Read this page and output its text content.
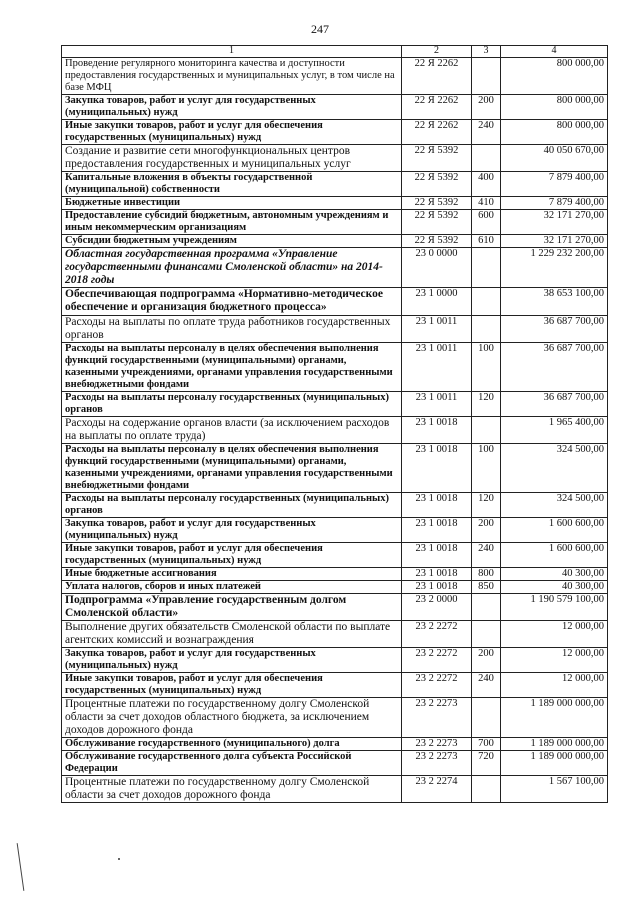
247
1	2	3	4
Проведение регулярного мониторинга качества и доступности предоставления государственных и муниципальных услуг, в том числе на базе МФЦ	22 Я 2262		800 000,00
Закупка товаров, работ и услуг для государственных (муниципальных) нужд	22 Я 2262	200	800 000,00
Иные закупки товаров, работ и услуг для обеспечения государственных (муниципальных) нужд	22 Я 2262	240	800 000,00
Создание и развитие сети многофункциональных центров предоставления государственных и муниципальных услуг	22 Я 5392		40 050 670,00
Капитальные вложения в объекты государственной (муниципальной) собственности	22 Я 5392	400	7 879 400,00
Бюджетные инвестиции	22 Я 5392	410	7 879 400,00
Предоставление субсидий бюджетным, автономным учреждениям и иным некоммерческим организациям	22 Я 5392	600	32 171 270,00
Субсидии бюджетным учреждениям	22 Я 5392	610	32 171 270,00
Областная государственная программа «Управление государственными финансами Смоленской области» на 2014-2018 годы	23 0 0000		1 229 232 200,00
Обеспечивающая подпрограмма «Нормативно-методическое обеспечение и организация бюджетного процесса»	23 1 0000		38 653 100,00
Расходы на выплаты по оплате труда работников государственных органов	23 1 0011		36 687 700,00
Расходы на выплаты персоналу в целях обеспечения выполнения функций государственными (муниципальными) органами, казенными учреждениями, органами управления государственными внебюджетными фондами	23 1 0011	100	36 687 700,00
Расходы на выплаты персоналу государственных (муниципальных) органов	23 1 0011	120	36 687 700,00
Расходы на содержание органов власти (за исключением расходов на выплаты по оплате труда)	23 1 0018		1 965 400,00
Расходы на выплаты персоналу в целях обеспечения выполнения функций государственными (муниципальными) органами, казенными учреждениями, органами управления государственными внебюджетными фондами	23 1 0018	100	324 500,00
Расходы на выплаты персоналу государственных (муниципальных) органов	23 1 0018	120	324 500,00
Закупка товаров, работ и услуг для государственных (муниципальных) нужд	23 1 0018	200	1 600 600,00
Иные закупки товаров, работ и услуг для обеспечения государственных (муниципальных) нужд	23 1 0018	240	1 600 600,00
Иные бюджетные ассигнования	23 1 0018	800	40 300,00
Уплата налогов, сборов и иных платежей	23 1 0018	850	40 300,00
Подпрограмма «Управление государственным долгом Смоленской области»	23 2 0000		1 190 579 100,00
Выполнение других обязательств Смоленской области по выплате агентских комиссий и вознаграждения	23 2 2272		12 000,00
Закупка товаров, работ и услуг для государственных (муниципальных) нужд	23 2 2272	200	12 000,00
Иные закупки товаров, работ и услуг для обеспечения государственных (муниципальных) нужд	23 2 2272	240	12 000,00
Процентные платежи по государственному долгу Смоленской области за счет доходов областного бюджета, за исключением доходов дорожного фонда	23 2 2273		1 189 000 000,00
Обслуживание государственного (муниципального) долга	23 2 2273	700	1 189 000 000,00
Обслуживание государственного долга субъекта Российской Федерации	23 2 2273	720	1 189 000 000,00
Процентные платежи по государственному долгу Смоленской области за счет доходов дорожного фонда	23 2 2274		1 567 100,00
